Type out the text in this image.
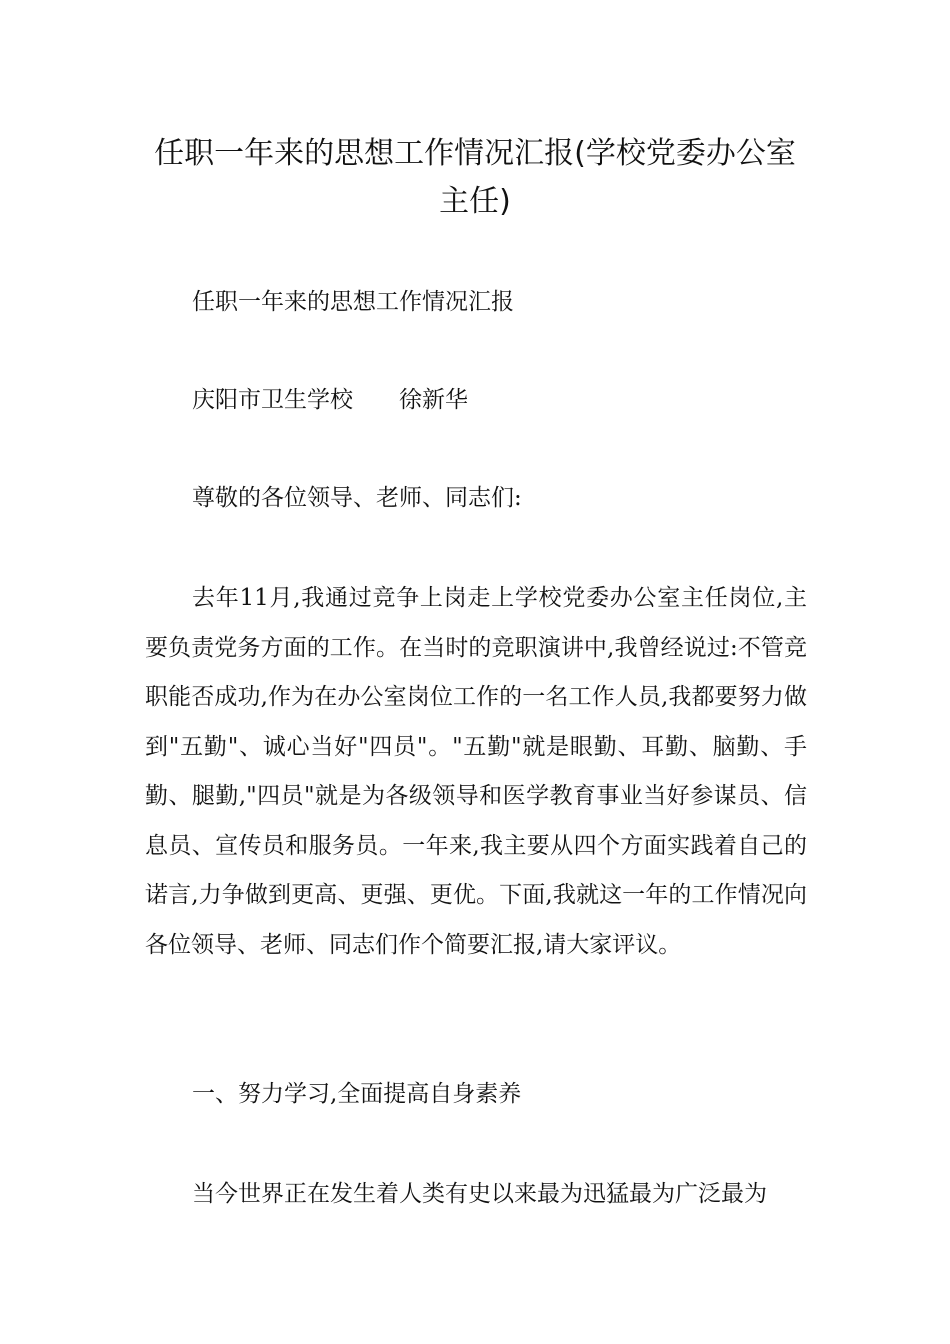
任职一年来的思想工作情况汇报(学校党委办公室主任)

任职一年来的思想工作情况汇报

庆阳市卫生学校　　徐新华

尊敬的各位领导、老师、同志们:

去年11月,我通过竞争上岗走上学校党委办公室主任岗位,主要负责党务方面的工作。在当时的竞职演讲中,我曾经说过:不管竞职能否成功,作为在办公室岗位工作的一名工作人员,我都要努力做到"五勤"、诚心当好"四员"。"五勤"就是眼勤、耳勤、脑勤、手勤、腿勤,"四员"就是为各级领导和医学教育事业当好参谋员、信息员、宣传员和服务员。一年来,我主要从四个方面实践着自己的诺言,力争做到更高、更强、更优。下面,我就这一年的工作情况向各位领导、老师、同志们作个简要汇报,请大家评议。

一、努力学习,全面提高自身素养

当今世界正在发生着人类有史以来最为迅猛最为广泛最为
